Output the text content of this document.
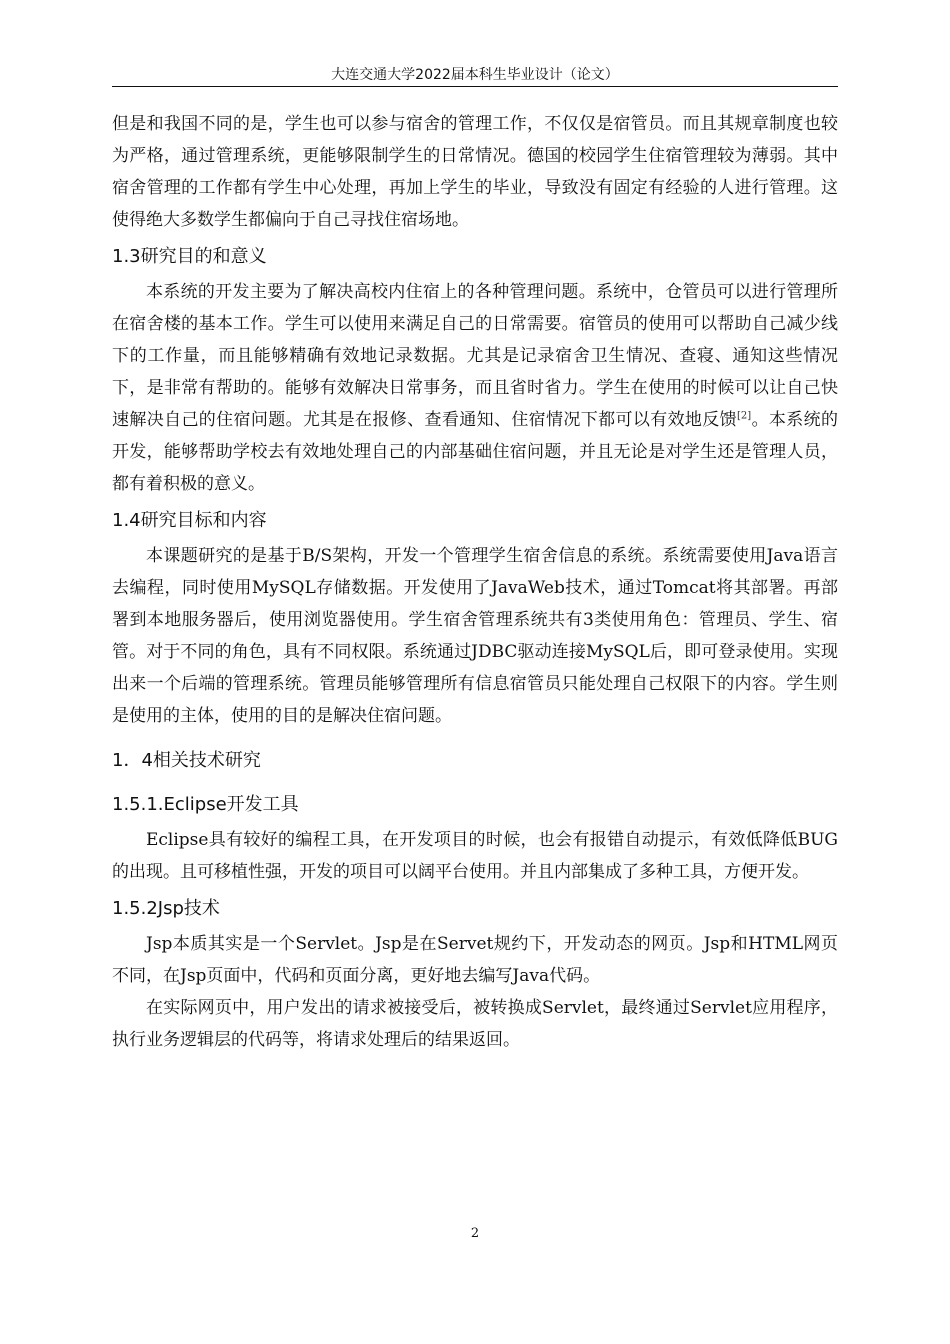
大连交通大学2022届本科生毕业设计（论文）

但是和我国不同的是，学生也可以参与宿舍的管理工作，不仅仅是宿管员。而且其规章制度也较为严格，通过管理系统，更能够限制学生的日常情况。德国的校园学生住宿管理较为薄弱。其中宿舍管理的工作都有学生中心处理，再加上学生的毕业，导致没有固定有经验的人进行管理。这使得绝大多数学生都偏向于自己寻找住宿场地。

1.3研究目的和意义

本系统的开发主要为了解决高校内住宿上的各种管理问题。系统中，仓管员可以进行管理所在宿舍楼的基本工作。学生可以使用来满足自己的日常需要。宿管员的使用可以帮助自己减少线下的工作量，而且能够精确有效地记录数据。尤其是记录宿舍卫生情况、查寝、通知这些情况下，是非常有帮助的。能够有效解决日常事务，而且省时省力。学生在使用的时候可以让自己快速解决自己的住宿问题。尤其是在报修、查看通知、住宿情况下都可以有效地反馈[2]。本系统的开发，能够帮助学校去有效地处理自己的内部基础住宿问题，并且无论是对学生还是管理人员，都有着积极的意义。

1.4研究目标和内容

本课题研究的是基于B/S架构，开发一个管理学生宿舍信息的系统。系统需要使用Java语言去编程，同时使用MySQL存储数据。开发使用了JavaWeb技术，通过Tomcat将其部署。再部署到本地服务器后，使用浏览器使用。学生宿舍管理系统共有3类使用角色：管理员、学生、宿管。对于不同的角色，具有不同权限。系统通过JDBC驱动连接MySQL后，即可登录使用。实现出来一个后端的管理系统。管理员能够管理所有信息宿管员只能处理自己权限下的内容。学生则是使用的主体，使用的目的是解决住宿问题。

1．4相关技术研究
1.5.1.Eclipse开发工具

Eclipse具有较好的编程工具，在开发项目的时候，也会有报错自动提示，有效低降低BUG的出现。且可移植性强，开发的项目可以阔平台使用。并且内部集成了多种工具，方便开发。

1.5.2Jsp技术

Jsp本质其实是一个Servlet。Jsp是在Servet规约下，开发动态的网页。Jsp和HTML网页不同，在Jsp页面中，代码和页面分离，更好地去编写Java代码。

在实际网页中，用户发出的请求被接受后，被转换成Servlet，最终通过Servlet应用程序，执行业务逻辑层的代码等，将请求处理后的结果返回。

2
